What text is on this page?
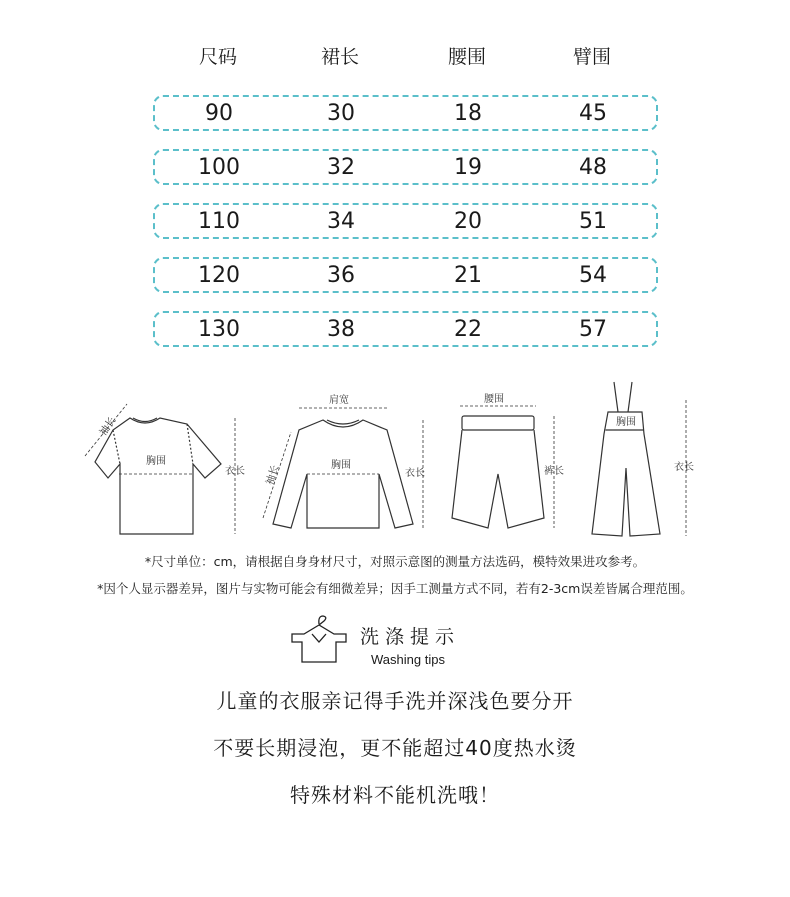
尺码	裙长	腰围	臂围
90	30	18	45
100	32	19	48
110	34	20	51
120	36	21	54
130	38	22	57
胸围
衣长
袖长
肩宽
胸围
衣长
袖长
腰围
裤长
胸围
衣长
*尺寸单位：cm，请根据自身身材尺寸，对照示意图的测量方法选码，模特效果进攻参考。
*因个人显示器差异，图片与实物可能会有细微差异；因手工测量方式不同，若有2-3cm误差皆属合理范围。
洗涤提示
Washing tips
儿童的衣服亲记得手洗并深浅色要分开
不要长期浸泡，更不能超过40度热水烫
特殊材料不能机洗哦！
